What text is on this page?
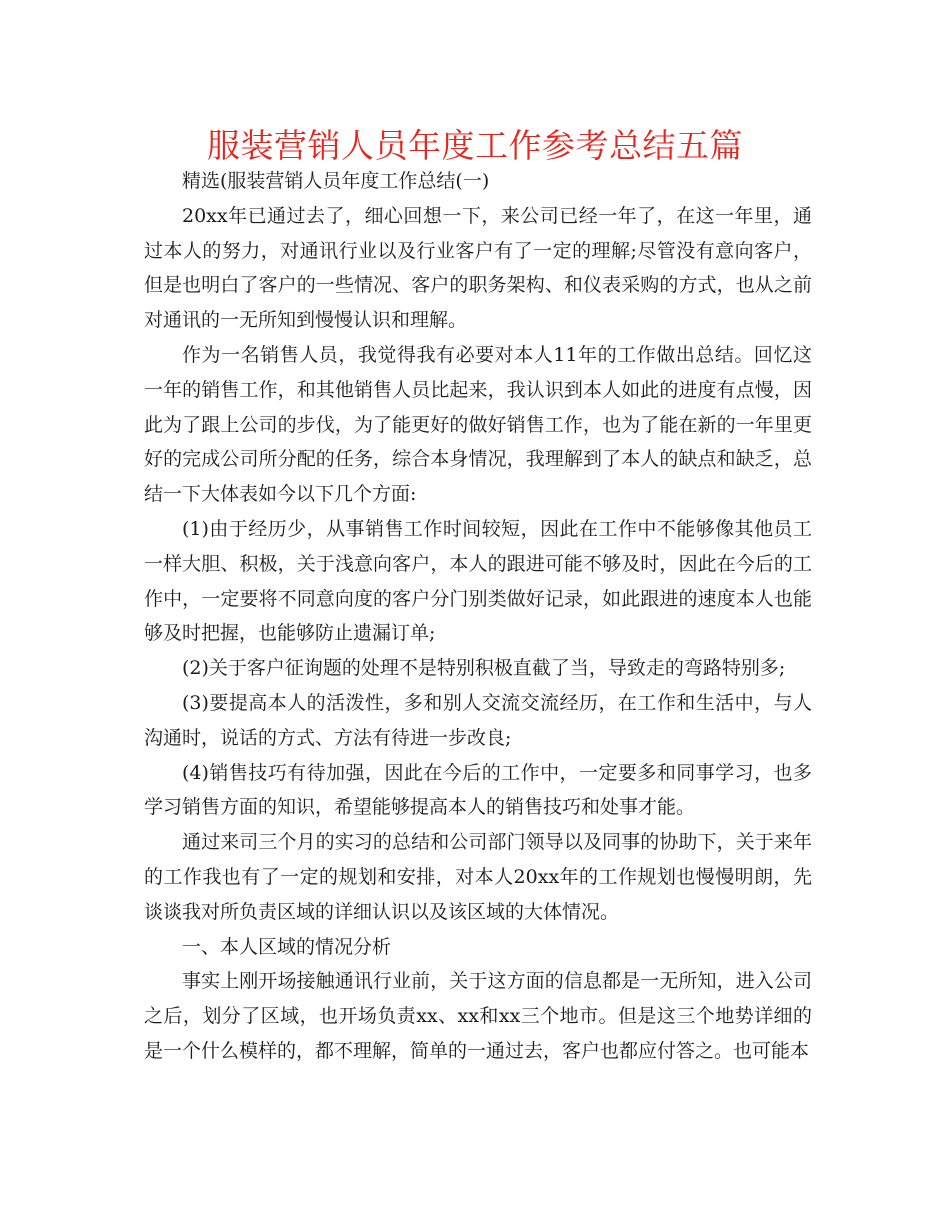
服装营销人员年度工作参考总结五篇

精选(服装营销人员年度工作总结(一)

20xx年已通过去了，细心回想一下，来公司已经一年了，在这一年里，通过本人的努力，对通讯行业以及行业客户有了一定的理解;尽管没有意向客户，但是也明白了客户的一些情况、客户的职务架构、和仪表采购的方式，也从之前对通讯的一无所知到慢慢认识和理解。

作为一名销售人员，我觉得我有必要对本人11年的工作做出总结。回忆这一年的销售工作，和其他销售人员比起来，我认识到本人如此的进度有点慢，因此为了跟上公司的步伐，为了能更好的做好销售工作，也为了能在新的一年里更好的完成公司所分配的任务，综合本身情况，我理解到了本人的缺点和缺乏，总结一下大体表如今以下几个方面:

(1)由于经历少，从事销售工作时间较短，因此在工作中不能够像其他员工一样大胆、积极，关于浅意向客户，本人的跟进可能不够及时，因此在今后的工作中，一定要将不同意向度的客户分门别类做好记录，如此跟进的速度本人也能够及时把握，也能够防止遗漏订单;

(2)关于客户征询题的处理不是特别积极直截了当，导致走的弯路特别多;

(3)要提高本人的活泼性，多和别人交流交流经历，在工作和生活中，与人沟通时，说话的方式、方法有待进一步改良;

(4)销售技巧有待加强，因此在今后的工作中，一定要多和同事学习，也多学习销售方面的知识，希望能够提高本人的销售技巧和处事才能。

通过来司三个月的实习的总结和公司部门领导以及同事的协助下，关于来年的工作我也有了一定的规划和安排，对本人20xx年的工作规划也慢慢明朗，先谈谈我对所负责区域的详细认识以及该区域的大体情况。

一、本人区域的情况分析

事实上刚开场接触通讯行业前，关于这方面的信息都是一无所知，进入公司之后，划分了区域，也开场负责xx、xx和xx三个地市。但是这三个地势详细的是一个什么模样的，都不理解，简单的一通过去，客户也都应付答之。也可能本
